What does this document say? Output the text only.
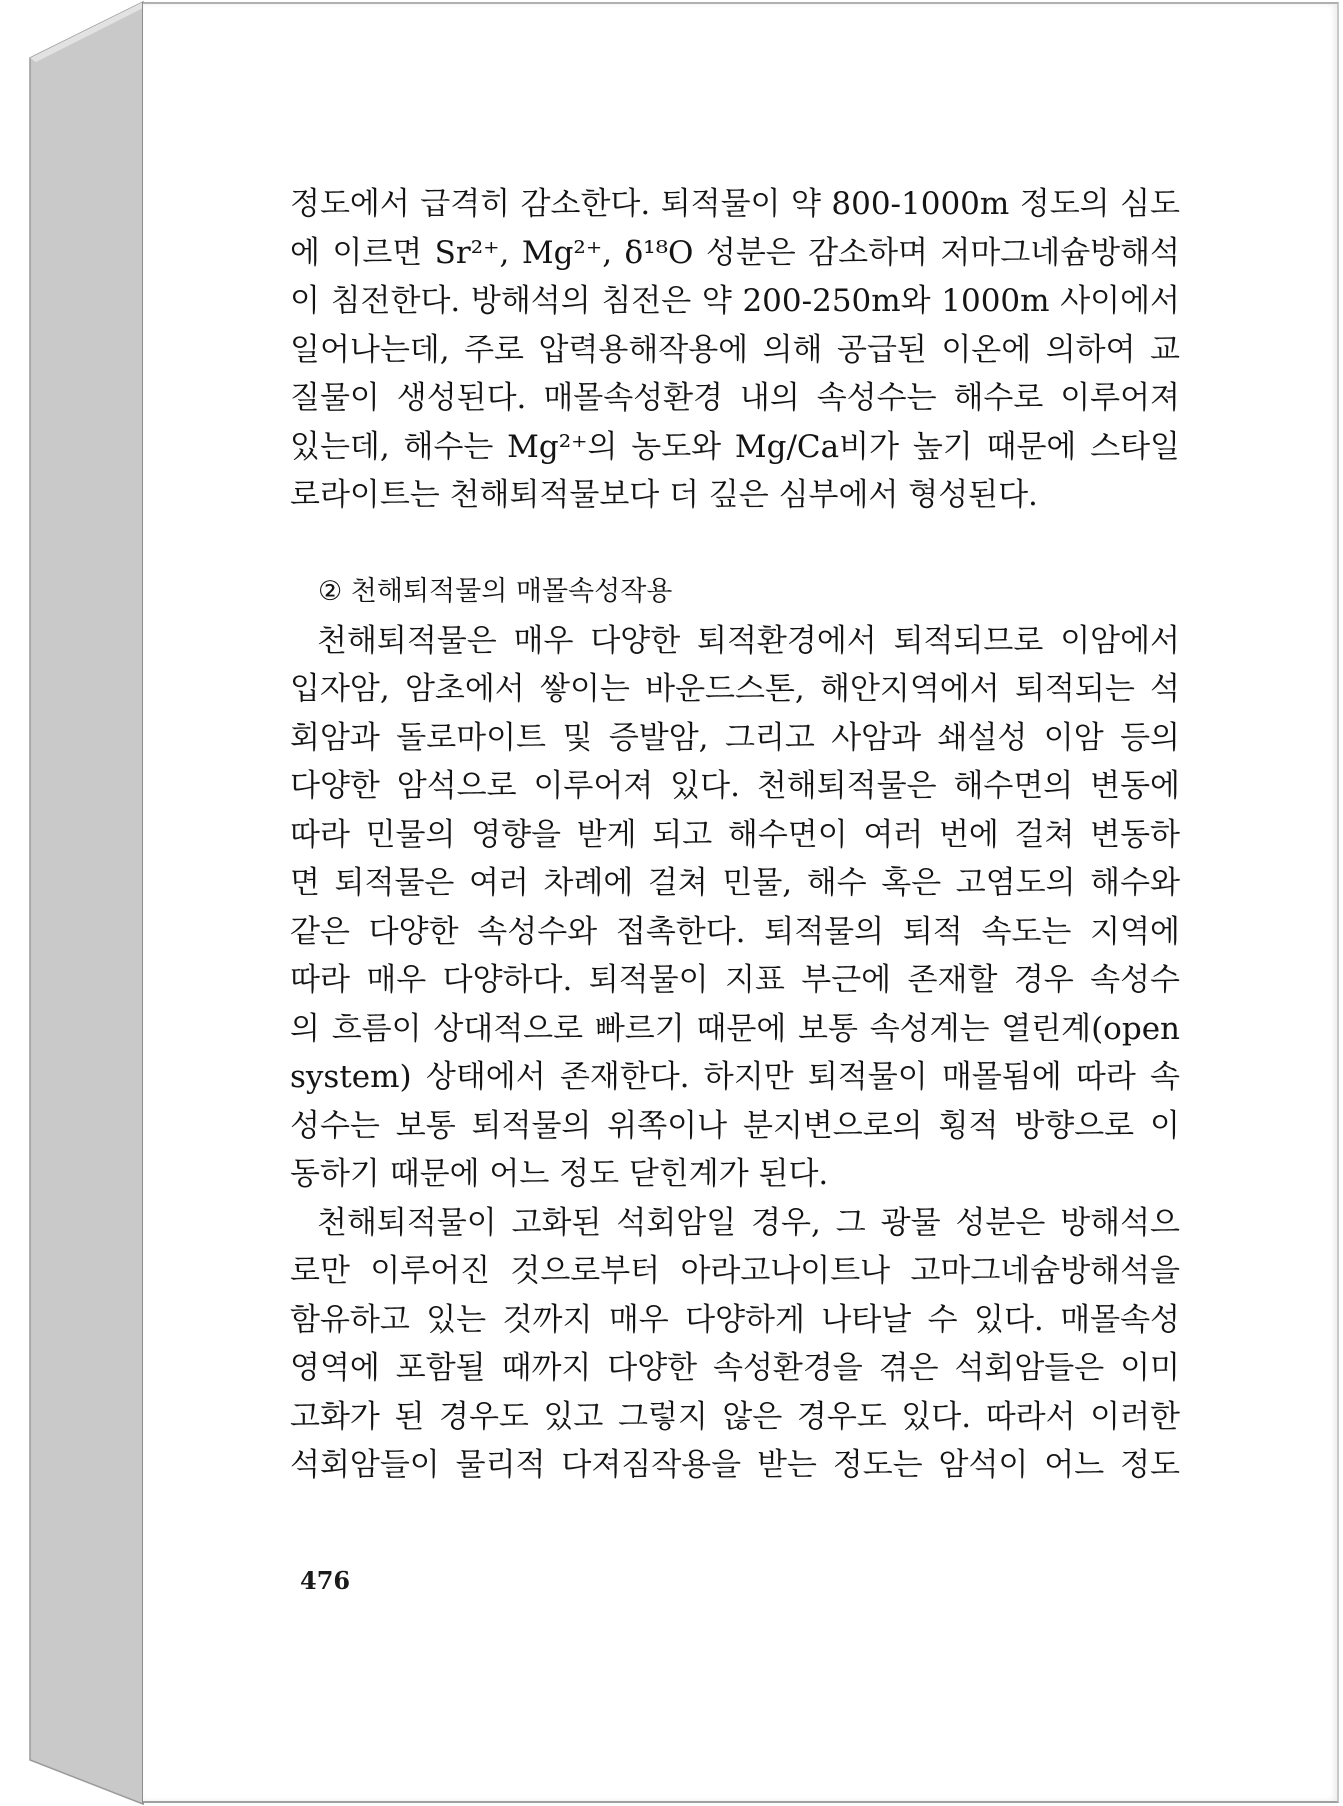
정도에서 급격히 감소한다. 퇴적물이 약 800-1000m 정도의 심도
에 이르면 Sr²⁺, Mg²⁺, δ¹⁸O 성분은 감소하며 저마그네슘방해석
이 침전한다. 방해석의 침전은 약 200-250m와 1000m 사이에서
일어나는데, 주로 압력용해작용에 의해 공급된 이온에 의하여 교
질물이 생성된다. 매몰속성환경 내의 속성수는 해수로 이루어져
있는데, 해수는 Mg²⁺의 농도와 Mg/Ca비가 높기 때문에 스타일
로라이트는 천해퇴적물보다 더 깊은 심부에서 형성된다.
② 천해퇴적물의 매몰속성작용
천해퇴적물은 매우 다양한 퇴적환경에서 퇴적되므로 이암에서
입자암, 암초에서 쌓이는 바운드스톤, 해안지역에서 퇴적되는 석
회암과 돌로마이트 및 증발암, 그리고 사암과 쇄설성 이암 등의
다양한 암석으로 이루어져 있다. 천해퇴적물은 해수면의 변동에
따라 민물의 영향을 받게 되고 해수면이 여러 번에 걸쳐 변동하
면 퇴적물은 여러 차례에 걸쳐 민물, 해수 혹은 고염도의 해수와
같은 다양한 속성수와 접촉한다. 퇴적물의 퇴적 속도는 지역에
따라 매우 다양하다. 퇴적물이 지표 부근에 존재할 경우 속성수
의 흐름이 상대적으로 빠르기 때문에 보통 속성계는 열린계(open
system) 상태에서 존재한다. 하지만 퇴적물이 매몰됨에 따라 속
성수는 보통 퇴적물의 위쪽이나 분지변으로의 횡적 방향으로 이
동하기 때문에 어느 정도 닫힌계가 된다.
천해퇴적물이 고화된 석회암일 경우, 그 광물 성분은 방해석으
로만 이루어진 것으로부터 아라고나이트나 고마그네슘방해석을
함유하고 있는 것까지 매우 다양하게 나타날 수 있다. 매몰속성
영역에 포함될 때까지 다양한 속성환경을 겪은 석회암들은 이미
고화가 된 경우도 있고 그렇지 않은 경우도 있다. 따라서 이러한
석회암들이 물리적 다져짐작용을 받는 정도는 암석이 어느 정도
476
